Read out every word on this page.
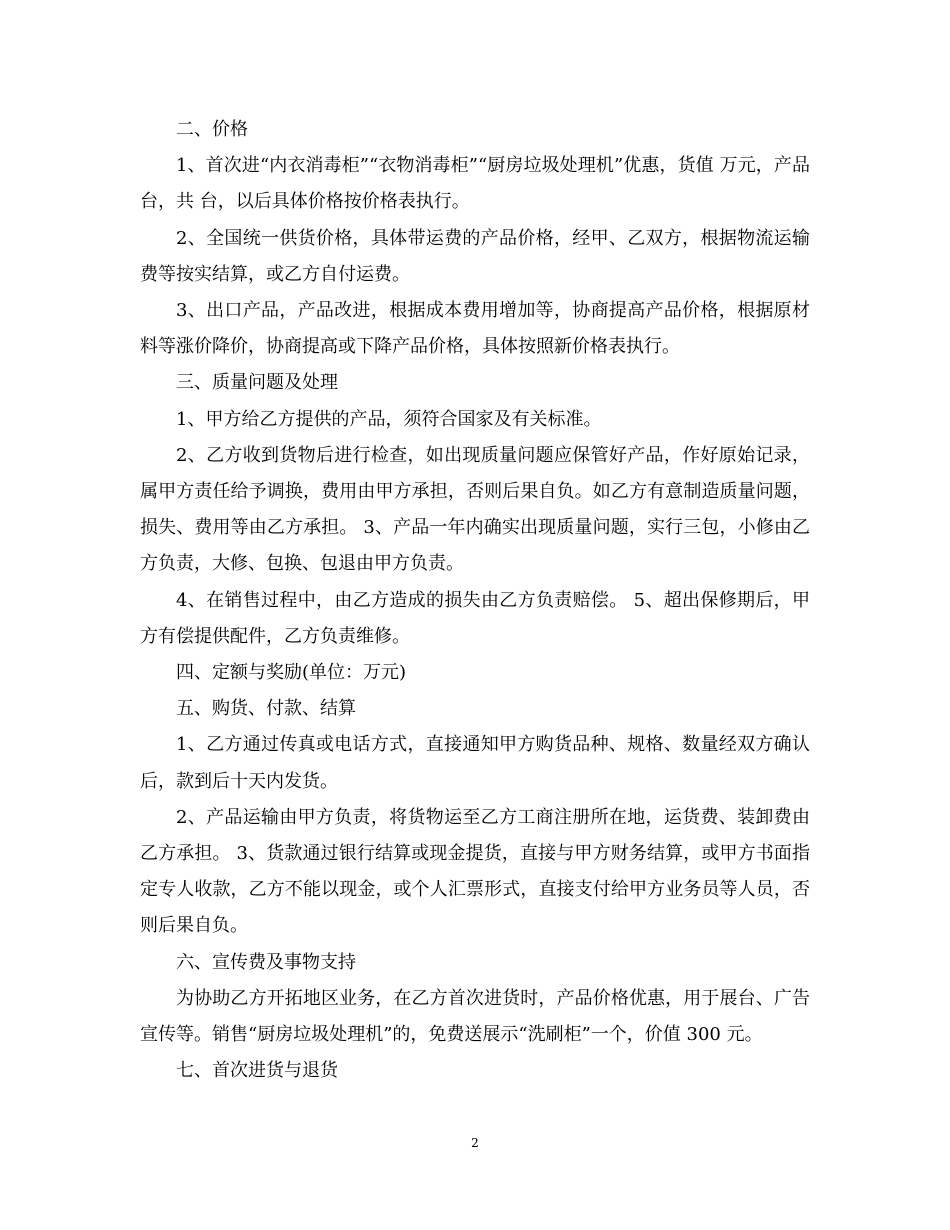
二、价格

1、首次进“内衣消毒柜”“衣物消毒柜”“厨房垃圾处理机”优惠，货值 万元，产品 台，共 台，以后具体价格按价格表执行。

2、全国统一供货价格，具体带运费的产品价格，经甲、乙双方，根据物流运输费等按实结算，或乙方自付运费。

3、出口产品，产品改进，根据成本费用增加等，协商提高产品价格，根据原材料等涨价降价，协商提高或下降产品价格，具体按照新价格表执行。

三、质量问题及处理

1、甲方给乙方提供的产品，须符合国家及有关标准。

2、乙方收到货物后进行检查，如出现质量问题应保管好产品，作好原始记录，属甲方责任给予调换，费用由甲方承担，否则后果自负。如乙方有意制造质量问题，损失、费用等由乙方承担。 3、产品一年内确实出现质量问题，实行三包，小修由乙方负责，大修、包换、包退由甲方负责。

4、在销售过程中，由乙方造成的损失由乙方负责赔偿。 5、超出保修期后，甲方有偿提供配件，乙方负责维修。

四、定额与奖励(单位：万元)

五、购货、付款、结算

1、乙方通过传真或电话方式，直接通知甲方购货品种、规格、数量经双方确认后，款到后十天内发货。

2、产品运输由甲方负责，将货物运至乙方工商注册所在地，运货费、装卸费由乙方承担。 3、货款通过银行结算或现金提货，直接与甲方财务结算，或甲方书面指定专人收款，乙方不能以现金，或个人汇票形式，直接支付给甲方业务员等人员，否则后果自负。

六、宣传费及事物支持

为协助乙方开拓地区业务，在乙方首次进货时，产品价格优惠，用于展台、广告宣传等。销售“厨房垃圾处理机”的，免费送展示“洗刷柜”一个，价值 300 元。

七、首次进货与退货

2
